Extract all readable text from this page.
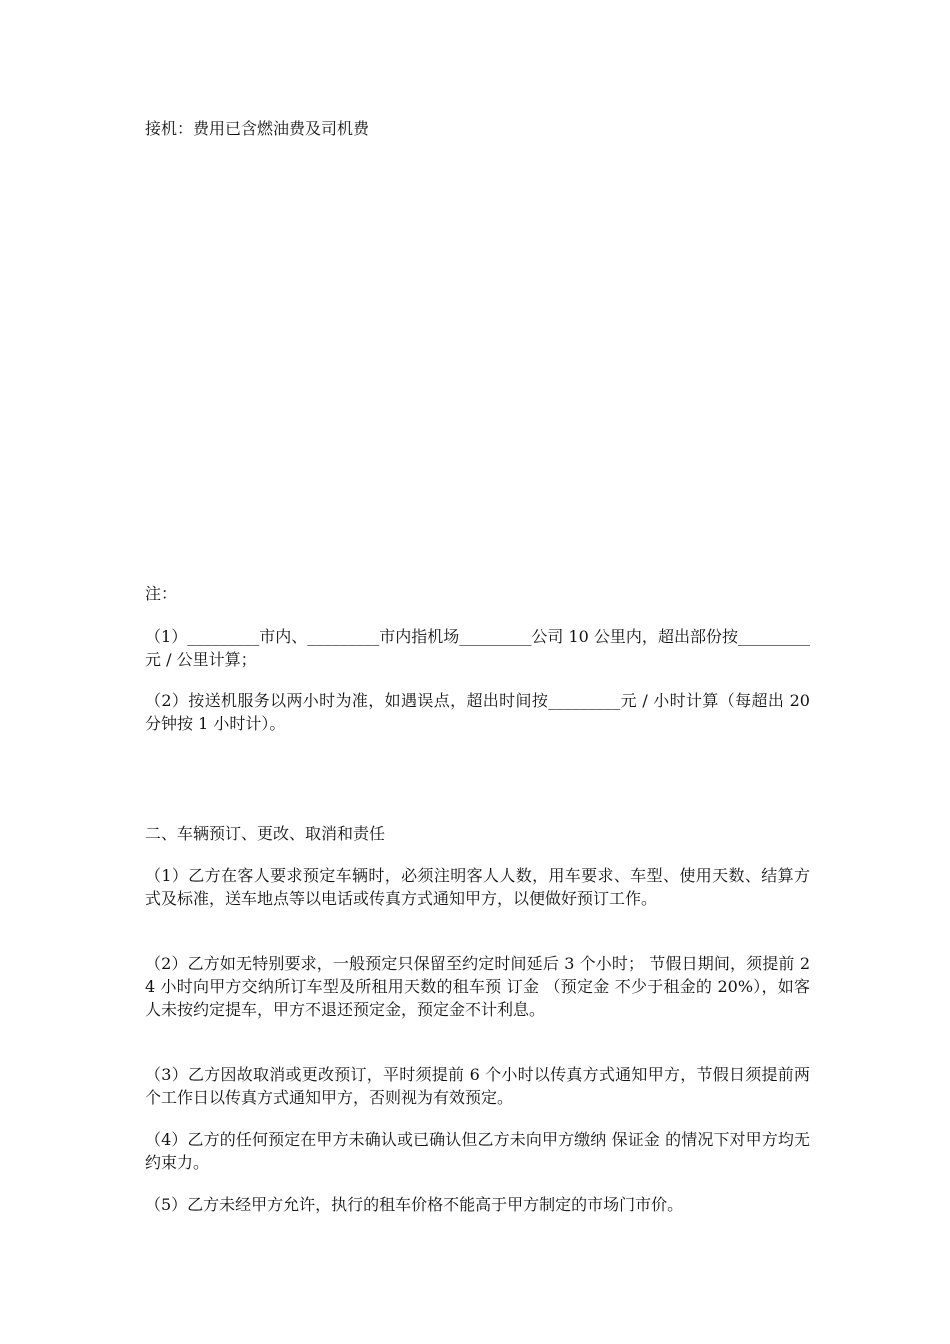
接机：费用已含燃油费及司机费

注：

（1）_________市内、_________市内指机场_________公司 10 公里内，超出部份按_________元 / 公里计算；

（2）按送机服务以两小时为准，如遇误点，超出时间按_________元 / 小时计算（每超出 20 分钟按 1 小时计）。

二、车辆预订、更改、取消和责任

（1）乙方在客人要求预定车辆时，必须注明客人人数，用车要求、车型、使用天数、结算方式及标准，送车地点等以电话或传真方式通知甲方，以便做好预订工作。

（2）乙方如无特别要求，一般预定只保留至约定时间延后 3 个小时； 节假日期间，须提前 24 小时向甲方交纳所订车型及所租用天数的租车预 订金 （预定金 不少于租金的 20%），如客人未按约定提车，甲方不退还预定金，预定金不计利息。

（3）乙方因故取消或更改预订，平时须提前 6 个小时以传真方式通知甲方，节假日须提前两个工作日以传真方式通知甲方，否则视为有效预定。

（4）乙方的任何预定在甲方未确认或已确认但乙方未向甲方缴纳 保证金 的情况下对甲方均无约束力。

（5）乙方未经甲方允许，执行的租车价格不能高于甲方制定的市场门市价。
